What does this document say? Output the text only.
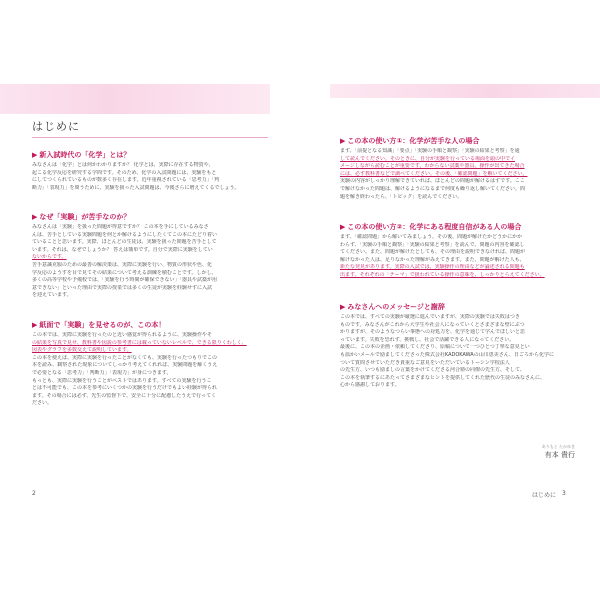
はじめに
▶ 新入試時代の「化学」とは？
みなさんは「化学」とは何かわかりますか？ 化学とは、実際に存在する物質や、
起こる化学反応を研究する学問です。そのため、化学の入試問題には、実験をもと
にしてつくられているものが数多く存在します。近年重視されている「思考力」「判
断力」「表現力」を問うために、実験を扱った入試問題は、今後さらに増えてくるでしょう。
▶ なぜ「実験」が苦手なのか？
みなさんは「実験」を扱った問題が得意ですか？ この本を手にしているみなさ
んは、苦手としている実験問題を何とか解けるようにしたくてこの本にたどり着い
ていることと思います。実際、ほとんどの生徒は、実験を扱った問題を苦手として
います。それは、なぜでしょうか？ 答えは簡単です。自分で実際に実験をしてい
ないからです。
苦手意識克服のための最善の解決策は、実際に実験を行い、物質の形状や色、化
学反応のようすを目で見てその結果について考える訓練を積むことです。しかし、
多くの高等学校や予備校では、「実験を行う時間が確保できない」「器具や試薬が用
意できない」といった理由で実際の授業では多くの生徒が実験を経験せずに入試
を迎えています。
▶ 紙面で「実験」を見せるのが、この本！
この本では、実際に実験を行ったのと近い感覚が得られるように、実験操作やそ
の結果を写真で見せ、教科書や図説の参考書には載っていないレベルで、できる限りくわしく、
図表やグラフを多数交えて説明しています。
この本を使えば、実際に実験を行ったことがなくても、実験を行ったつもりでこの
本を読み、観察された現象についてしっかり考えてくれれば、実験問題を解くうえ
で必要となる「思考力」「判断力」「表現力」が身につきます。
もっとも、実際に実験を行うことがベストではあります。すべての実験を行うこ
とは不可能でも、この本を参考にいくつかの実験を行うだけでもよい経験が得られ
ます。その場合には必ず、先生の監督下で、安全に十分に配慮したうえで行ってく
ださい。
▶ この本の使い方①：化学が苦手な人の場合
まず、「前提となる知識」「要点」「実験の手順と観察」「実験の結果と考察」を通
して読んでください。そのときに、自分が実験を行っている場面を頭の中でイ
メージしながら読むことが重要です。わからない試薬や器具、操作が出てきた場合
には、必ず教科書などで調べてください。その後、「確認問題」を解いてください。
実験の内容がしっかり理解できていれば、ほとんどの問題が解けるはずです。ここ
で解けなかった問題は、解けるようになるまで何度も繰り返し解いてください。問
題を解き終わったら、「トピック」を読んでください。
▶ この本の使い方②：化学にある程度自信がある人の場合
まず、「確認問題」から解いてみましょう。その後、問題が解けたかどうかにかか
わらず、「実験の手順と観察」「実験の結果と考察」を読んで、問題の内容を確認し
てください。また、問題が解けたとしても、その理由を説明できなければ、問題が
解けなかった人は、足りなかった理解がみえてきます。また、問題が解けた人も、
新たな発見があります。実際の入試では、実験操作の理由などが論述される問題も
出ます。それぞれの「テーマ」で扱われている操作の意味を、しっかりとらえてください。
▶ みなさんへのメッセージと謝辞
この本では、すべての実験が厳選に進んでいますが、実際の実験では失敗はつき
ものです。みなさんがこれから大学生や社会人になっていくとさまざまな壁にぶつ
かりますが、そのようなつらい事態への対処力を、化学を通じて学んでほしいと思
っています。失敗を恐れず、挑戦し、社会で活躍できる人になってください。
最後に、この本の企画・依頼してくださり、原稿について一つひとつ丁寧な意見とい
も温かいメールで励ましてくださった株式会社KADOKAWAの山川恵美さん、日ごろから化学に
ついて質問させていただき貴重なご意見をいただいているトーシン学校法人
の先生方、いつも励ましの言葉をかけてくださる河合塾の同僚の先生方、そして、
この本を執筆するにあたってさまざまなヒントを提供してくれた歴代の生徒のみなさんに、
心から感謝しております。
ありもと たかゆき
有本 貴行
2	はじめに 3
